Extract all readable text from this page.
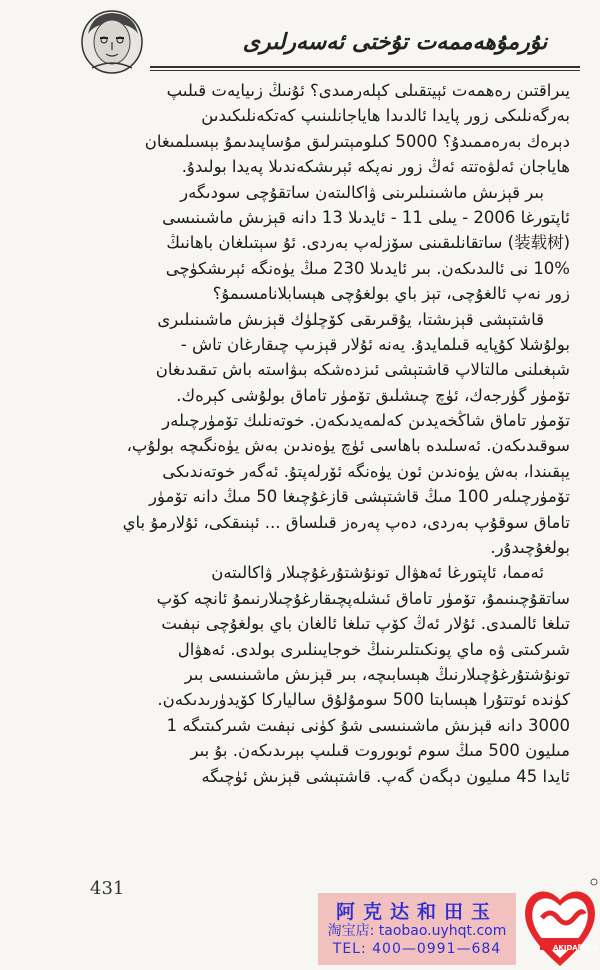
نۇرمۇھەممەت تۇختى ئەسەرلىرى
يىراقتىن رەھمەت ئېيتقىلى كېلەرمىدى؟ ئۇنىڭ زىيايەت قىلىپ
بەرگەنلىكى زور پايدا ئالدىدا ھاياجانلىنىپ كەتكەنلىكىدىن
دېرەك بەرەممىدۇ؟ 5000 كىلومېتىرلىق مۇساپىدىمۇ بېسىلمىغان
ھاياجان ئەلۋەتتە ئەڭ زور نەپكە ئېرىشكەندىلا پەيدا بولىدۇ.
بىر قېزىش ماشىنىلىرىنى ۋاكالىتەن ساتقۇچى سودىگەر
ئاپتورغا 2006 - يىلى 11 - ئايدىلا 13 دانە قېزىش ماشىنىسى
(装载树) ساتقانلىقىنى سۆزلەپ بەردى. ئۇ سېتىلغان باھانىڭ
10% نى ئالىدىكەن. بىر ئايدىلا 230 مىڭ يۈەنگە ئېرىشكۈچى
زور نەپ ئالغۇچى، تېز باي بولغۇچى ھېسابلانامسىمۇ؟
قاشتېشى قېزىشتا، يۇقىرىقى كۆچلۈك قېزىش ماشىنىلىرى
بولۇشلا كۇپايە قىلمايدۇ. يەنە ئۇلار قېزىپ چىقارغان تاش -
شېغىلنى مالتالاپ قاشتېشى ئىزدەشكە بىۋاستە باش تىقىدىغان
تۆمۈر گۈرجەك، ئۈچ چىشلىق تۆمۈر تاماق بولۇشى كېرەك.
تۆمۈر تاماق شاڭخەيدىن كەلمەيدىكەن. خوتەنلىك تۆمۈرچىلەر
سوقىدىكەن. ئەسلىدە باھاسى ئۈچ يۈەندىن بەش يۈەنگىچە بولۇپ،
يېقىندا، بەش يۈەندىن ئون يۈەنگە ئۆرلەپتۇ. ئەگەر خوتەندىكى
تۆمۈرچىلەر 100 مىڭ قاشتېشى قازغۇچىغا 50 مىڭ دانە تۆمۈر
تاماق سوقۇپ بەردى، دەپ پەرەز قىلساق ... ئېنىقكى، ئۇلارمۇ باي
بولغۇچىدۇر.
ئەمما، ئاپتورغا ئەھۋال تونۇشتۇرغۇچىلار ۋاكالىتەن
ساتقۇچىنىمۇ، تۆمۈر تاماق ئىشلەپچىقارغۇچىلارنىمۇ ئانچە كۆپ
تىلغا ئالمىدى. ئۇلار ئەڭ كۆپ تىلغا ئالغان باي بولغۇچى نېفىت
شىركىتى ۋە ماي پونكىتلىرىنىڭ خوجايىنلىرى بولدى. ئەھۋال
تونۇشتۇرغۇچىلارنىڭ ھېسابىچە، بىر قېزىش ماشىنىسى بىر
كۈندە ئوتتۇرا ھېسابتا 500 سومۇلۇق سالياركا كۆيدۈرىدىكەن.
3000 دانە قېزىش ماشىنىسى شۇ كۈنى نېفىت شىركىتىگە 1
مىليون 500 مىڭ سوم ئوبوروت قىلىپ بېرىدىكەن. بۇ بىر
ئايدا 45 مىليون دېگەن گەپ. قاشتېشى قېزىش ئۈچىگە
431
阿克达和田玉
淘宝店: taobao.uyhqt.com
TEL: 400—0991—684	AKIDA阿克达
